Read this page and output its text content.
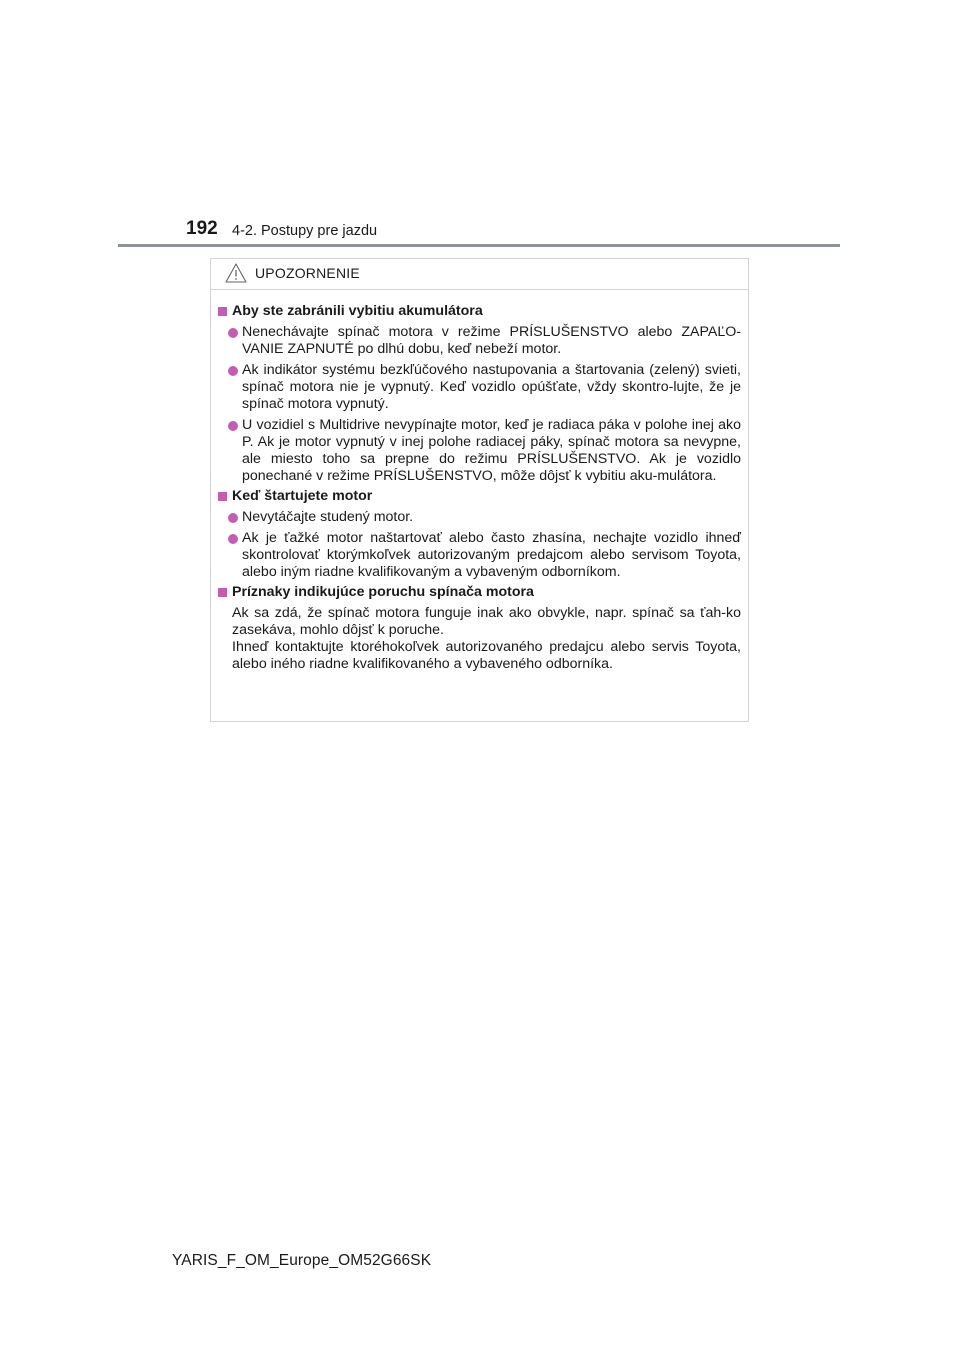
192 4-2. Postupy pre jazdu
UPOZORNENIE
Aby ste zabránili vybitiu akumulátora
Nenechávajte spínač motora v režime PRÍSLUŠENSTVO alebo ZAPAĽO-VANIE ZAPNUTÉ po dlhú dobu, keď nebeží motor.
Ak indikátor systému bezkľúčového nastupovania a štartovania (zelený) svieti, spínač motora nie je vypnutý. Keď vozidlo opúšťate, vždy skontro-lujte, že je spínač motora vypnutý.
U vozidiel s Multidrive nevypínajte motor, keď je radiaca páka v polohe inej ako P. Ak je motor vypnutý v inej polohe radiacej páky, spínač motora sa nevypne, ale miesto toho sa prepne do režimu PRÍSLUŠENSTVO. Ak je vozidlo ponechané v režime PRÍSLUŠENSTVO, môže dôjsť k vybitiu aku-mulátora.
Keď štartujete motor
Nevytáčajte studený motor.
Ak je ťažké motor naštartovať alebo často zhasína, nechajte vozidlo ihneď skontrolovať ktorýmkoľvek autorizovaným predajcom alebo servisom Toyota, alebo iným riadne kvalifikovaným a vybaveným odborníkom.
Príznaky indikujúce poruchu spínača motora

Ak sa zdá, že spínač motora funguje inak ako obvykle, napr. spínač sa ťah-ko zasekáva, mohlo dôjsť k poruche.

Ihneď kontaktujte ktoréhokoľvek autorizovaného predajcu alebo servis Toyota, alebo iného riadne kvalifikovaného a vybaveného odborníka.

YARIS_F_OM_Europe_OM52G66SK
